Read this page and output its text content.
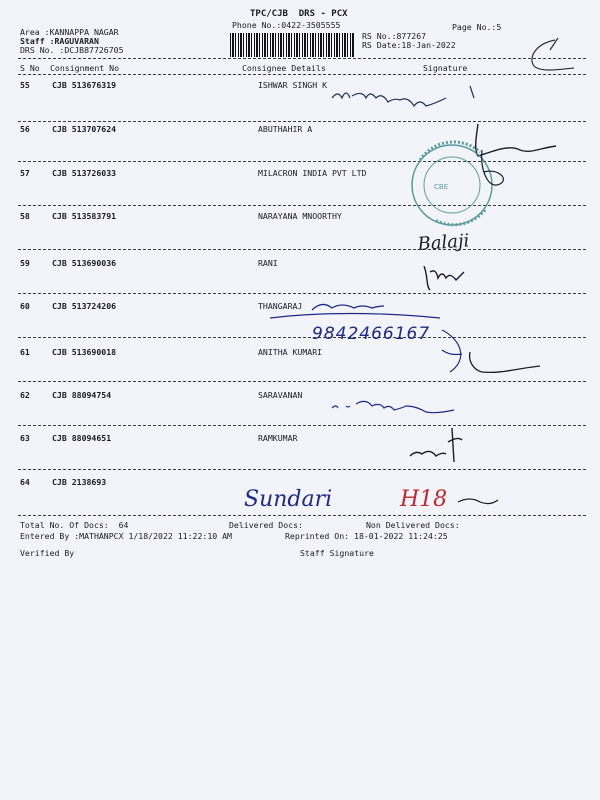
TPC/CJB  DRS - PCX
Phone No.:0422-3505555
Area :KANNAPPA NAGAR
Staff :RAGUVARAN
DRS No. :DCJB87726705
Page No.:5
RS No.:877267
RS Date:18-Jan-2022
S No Consignment No	Consignee Details	Signature
55	CJB 513676319	ISHWAR SINGH K
56	CJB 513707624	ABUTHAHIR A
57	CJB 513726033	MILACRON INDIA PVT LTD
58	CJB 513583791	NARAYANA MNOORTHY
59	CJB 513690036	RANI
60	CJB 513724206	THANGARAJ
61	CJB 513690018	ANITHA KUMARI
62	CJB 88094754	SARAVANAN
63	CJB 88094651	RAMKUMAR
64	CJB 2138693
Total No. Of Docs:  64	Delivered Docs:	Non Delivered Docs:
Entered By :MATHANPCX 1/18/2022 11:22:10 AM	Reprinted On: 18-01-2022 11:24:25
Verified By	Staff Signature
CBE
Balaji
9842466167
Sundari	H18
